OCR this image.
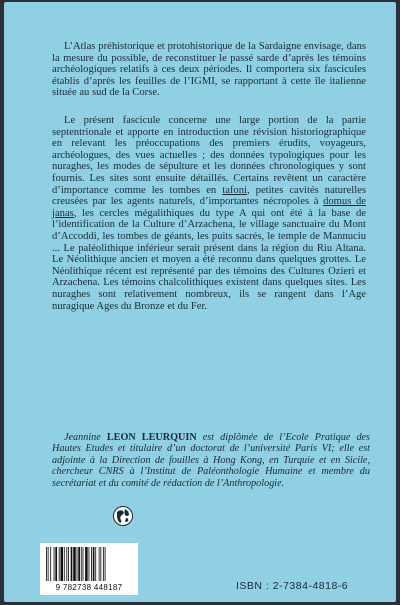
L’Atlas préhistorique et protohistorique de la Sardaigne envisage, dans la mesure du possible, de reconstituer le passé sarde d’après les témoins archéologiques relatifs à ces deux périodes. Il comportera six fascicules établis d’après les feuilles de l’IGMI, se rapportant à cette île italienne située au sud de la Corse.

Le présent fascicule concerne une large portion de la partie septentrionale et apporte en introduction une révision historiographique en relevant les préoccupations des premiers érudits, voyageurs, archéologues, des vues actuelles ; des données typologiques pour les nuraghes, les modes de sépulture et les données chronologiques y sont fournis. Les sites sont ensuite détaillés. Certains revêtent un caractère d’importance comme les tombes en tafoni, petites cavités naturelles creusées par les agents naturels, d’importantes nécropoles à domus de janas, les cercles mégalithiques du type A qui ont été à la base de l’identification de la Culture d’Arzachena, le village sanctuaire du Mont d’Accoddi, les tombes de géants, les puits sacrés, le temple de Mannuciu ... Le paléolithique inférieur serait présent dans la région du Riu Altana. Le Néolithique ancien et moyen a été reconnu dans quelques grottes. Le Néolithique récent est représenté par des témoins des Cultures Ozieri et Arzachena. Les témoins chalcolithiques existent dans quelques sites. Les nuraghes sont relativement nombreux, ils se rangent dans l’Age nuragique Ages du Bronze et du Fer.

Jeannine LEON LEURQUIN est diplômée de l’Ecole Pratique des Hautes Etudes et titulaire d’un doctorat de l’université Paris VI; elle est adjointe à la Direction de fouilles à Hong Kong, en Turquie et en Sicile, chercheur CNRS à l’Institut de Paléonthologie Humaine et membre du secrétariat et du comité de rédaction de l’Anthropologie.
9 782738 448187	ISBN : 2-7384-4818-6
